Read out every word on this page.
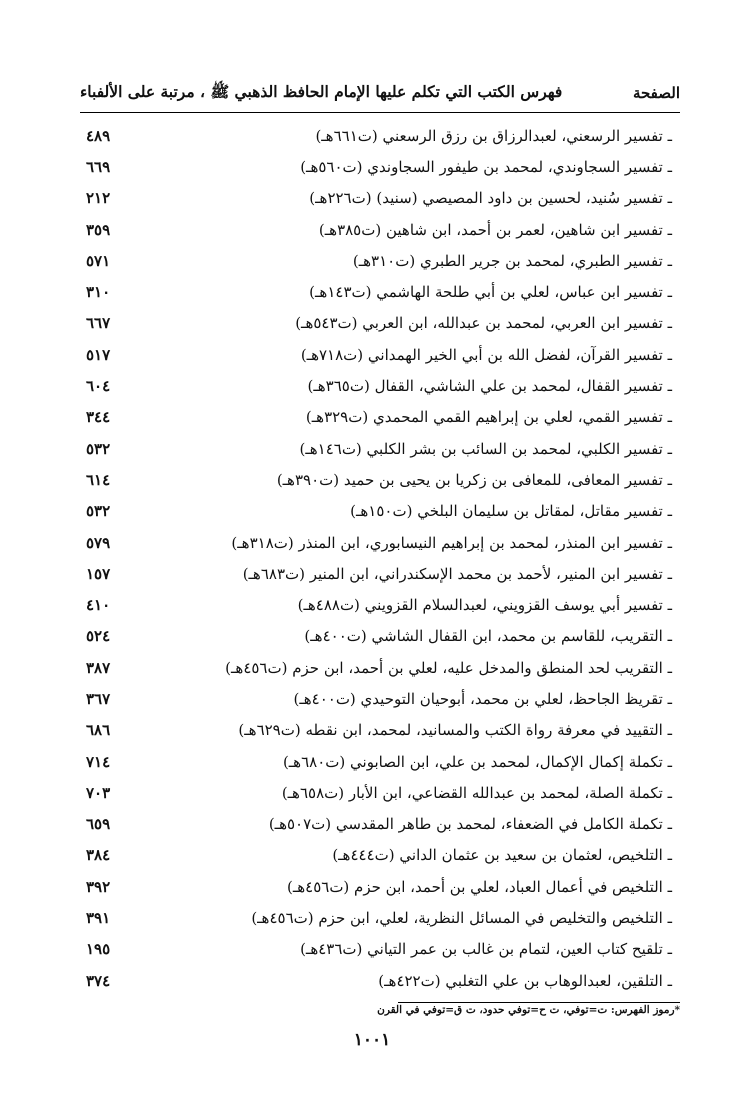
فهرس الكتب التي تكلم عليها الإمام الحافظ الذهبي ﷺ ، مرتبة على الألفباء	الصفحة
ـ تفسير الرسعني، لعبدالرزاق بن رزق الرسعني (ت٦٦١هـ)
٤٨٩
ـ تفسير السجاوندي، لمحمد بن طيفور السجاوندي (ت٥٦٠هـ)
٦٦٩
ـ تفسير سُنيد، لحسين بن داود المصيصي (سنيد) (ت٢٢٦هـ)
٢١٢
ـ تفسير ابن شاهين، لعمر بن أحمد، ابن شاهين (ت٣٨٥هـ)
٣٥٩
ـ تفسير الطبري، لمحمد بن جرير الطبري (ت٣١٠هـ)
٥٧١
ـ تفسير ابن عباس، لعلي بن أبي طلحة الهاشمي (ت١٤٣هـ)
٣١٠
ـ تفسير ابن العربي، لمحمد بن عبدالله، ابن العربي (ت٥٤٣هـ)
٦٦٧
ـ تفسير القرآن، لفضل الله بن أبي الخير الهمداني (ت٧١٨هـ)
٥١٧
ـ تفسير القفال، لمحمد بن علي الشاشي، القفال (ت٣٦٥هـ)
٦٠٤
ـ تفسير القمي، لعلي بن إبراهيم القمي المحمدي (ت٣٢٩هـ)
٣٤٤
ـ تفسير الكلبي، لمحمد بن السائب بن بشر الكلبي (ت١٤٦هـ)
٥٣٢
ـ تفسير المعافى، للمعافى بن زكريا بن يحيى بن حميد (ت٣٩٠هـ)
٦١٤
ـ تفسير مقاتل، لمقاتل بن سليمان البلخي (ت١٥٠هـ)
٥٣٢
ـ تفسير ابن المنذر، لمحمد بن إبراهيم النيسابوري، ابن المنذر (ت٣١٨هـ)
٥٧٩
ـ تفسير ابن المنير، لأحمد بن محمد الإسكندراني، ابن المنير (ت٦٨٣هـ)
١٥٧
ـ تفسير أبي يوسف القزويني، لعبدالسلام القزويني (ت٤٨٨هـ)
٤١٠
ـ التقريب، للقاسم بن محمد، ابن القفال الشاشي (ت٤٠٠هـ)
٥٢٤
ـ التقريب لحد المنطق والمدخل عليه، لعلي بن أحمد، ابن حزم (ت٤٥٦هـ)
٣٨٧
ـ تقريظ الجاحظ، لعلي بن محمد، أبوحيان التوحيدي (ت٤٠٠هـ)
٣٦٧
ـ التقييد في معرفة رواة الكتب والمسانيد، لمحمد، ابن نقطه (ت٦٢٩هـ)
٦٨٦
ـ تكملة إكمال الإكمال، لمحمد بن علي، ابن الصابوني (ت٦٨٠هـ)
٧١٤
ـ تكملة الصلة، لمحمد بن عبدالله القضاعي، ابن الأبار (ت٦٥٨هـ)
٧٠٣
ـ تكملة الكامل في الضعفاء، لمحمد بن طاهر المقدسي (ت٥٠٧هـ)
٦٥٩
ـ التلخيص، لعثمان بن سعيد بن عثمان الداني (ت٤٤٤هـ)
٣٨٤
ـ التلخيص في أعمال العباد، لعلي بن أحمد، ابن حزم (ت٤٥٦هـ)
٣٩٢
ـ التلخيص والتخليص في المسائل النظرية، لعلي، ابن حزم (ت٤٥٦هـ)
٣٩١
ـ تلقيح كتاب العين، لتمام بن غالب بن عمر التياني (ت٤٣٦هـ)
١٩٥
ـ التلقين، لعبدالوهاب بن علي التغلبي (ت٤٢٢هـ)
٣٧٤
*رموز الفهرس: ت=توفي، ت ح=توفي حدود، ت ق=توفي في القرن
١٠٠١
